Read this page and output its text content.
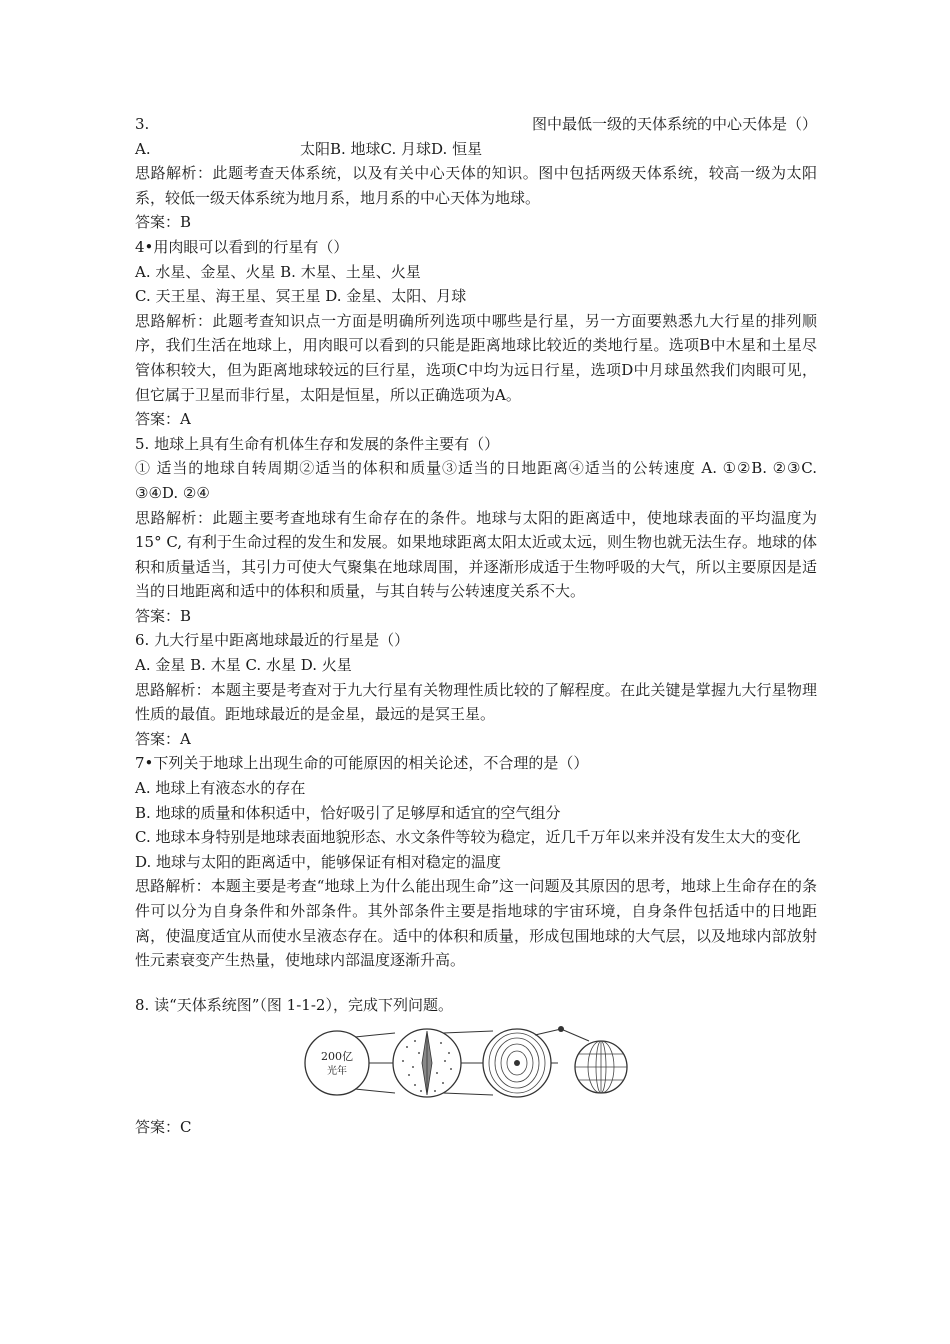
3.	图中最低一级的天体系统的中心天体是（）
A.	太阳B. 地球C. 月球D. 恒星
思路解析：此题考查天体系统，以及有关中心天体的知识。图中包括两级天体系统，较高一级为太阳系，较低一级天体系统为地月系，地月系的中心天体为地球。
答案：B
4•用肉眼可以看到的行星有（）
A. 水星、金星、火星 B. 木星、土星、火星
C. 天王星、海王星、冥王星 D. 金星、太阳、月球
思路解析：此题考查知识点一方面是明确所列选项中哪些是行星，另一方面要熟悉九大行星的排列顺序，我们生活在地球上，用肉眼可以看到的只能是距离地球比较近的类地行星。选项B中木星和土星尽管体积较大，但为距离地球较远的巨行星，选项C中均为远日行星，选项D中月球虽然我们肉眼可见，但它属于卫星而非行星，太阳是恒星，所以正确选项为A。
答案：A
5. 地球上具有生命有机体生存和发展的条件主要有（）
① 适当的地球自转周期②适当的体积和质量③适当的日地距离④适当的公转速度 A. ①②B. ②③C. ③④D. ②④
思路解析：此题主要考查地球有生命存在的条件。地球与太阳的距离适中，使地球表面的平均温度为15° C, 有利于生命过程的发生和发展。如果地球距离太阳太近或太远，则生物也就无法生存。地球的体积和质量适当，其引力可使大气聚集在地球周围，并逐渐形成适于生物呼吸的大气，所以主要原因是适当的日地距离和适中的体积和质量，与其自转与公转速度关系不大。
答案：B
6. 九大行星中距离地球最近的行星是（）
A. 金星 B. 木星 C. 水星 D. 火星
思路解析：本题主要是考查对于九大行星有关物理性质比较的了解程度。在此关键是掌握九大行星物理性质的最值。距地球最近的是金星，最远的是冥王星。
答案：A
7•下列关于地球上出现生命的可能原因的相关论述，不合理的是（）
A. 地球上有液态水的存在
B. 地球的质量和体积适中，恰好吸引了足够厚和适宜的空气组分
C. 地球本身特别是地球表面地貌形态、水文条件等较为稳定，近几千万年以来并没有发生太大的变化
D. 地球与太阳的距离适中，能够保证有相对稳定的温度
思路解析：本题主要是考查“地球上为什么能出现生命”这一问题及其原因的思考，地球上生命存在的条件可以分为自身条件和外部条件。其外部条件主要是指地球的宇宙环境，自身条件包括适中的日地距离，使温度适宜从而使水呈液态存在。适中的体积和质量，形成包围地球的大气层，以及地球内部放射性元素衰变产生热量，使地球内部温度逐渐升高。
8. 读“天体系统图”（图 1-1-2），完成下列问题。
200亿
光年
答案：C
